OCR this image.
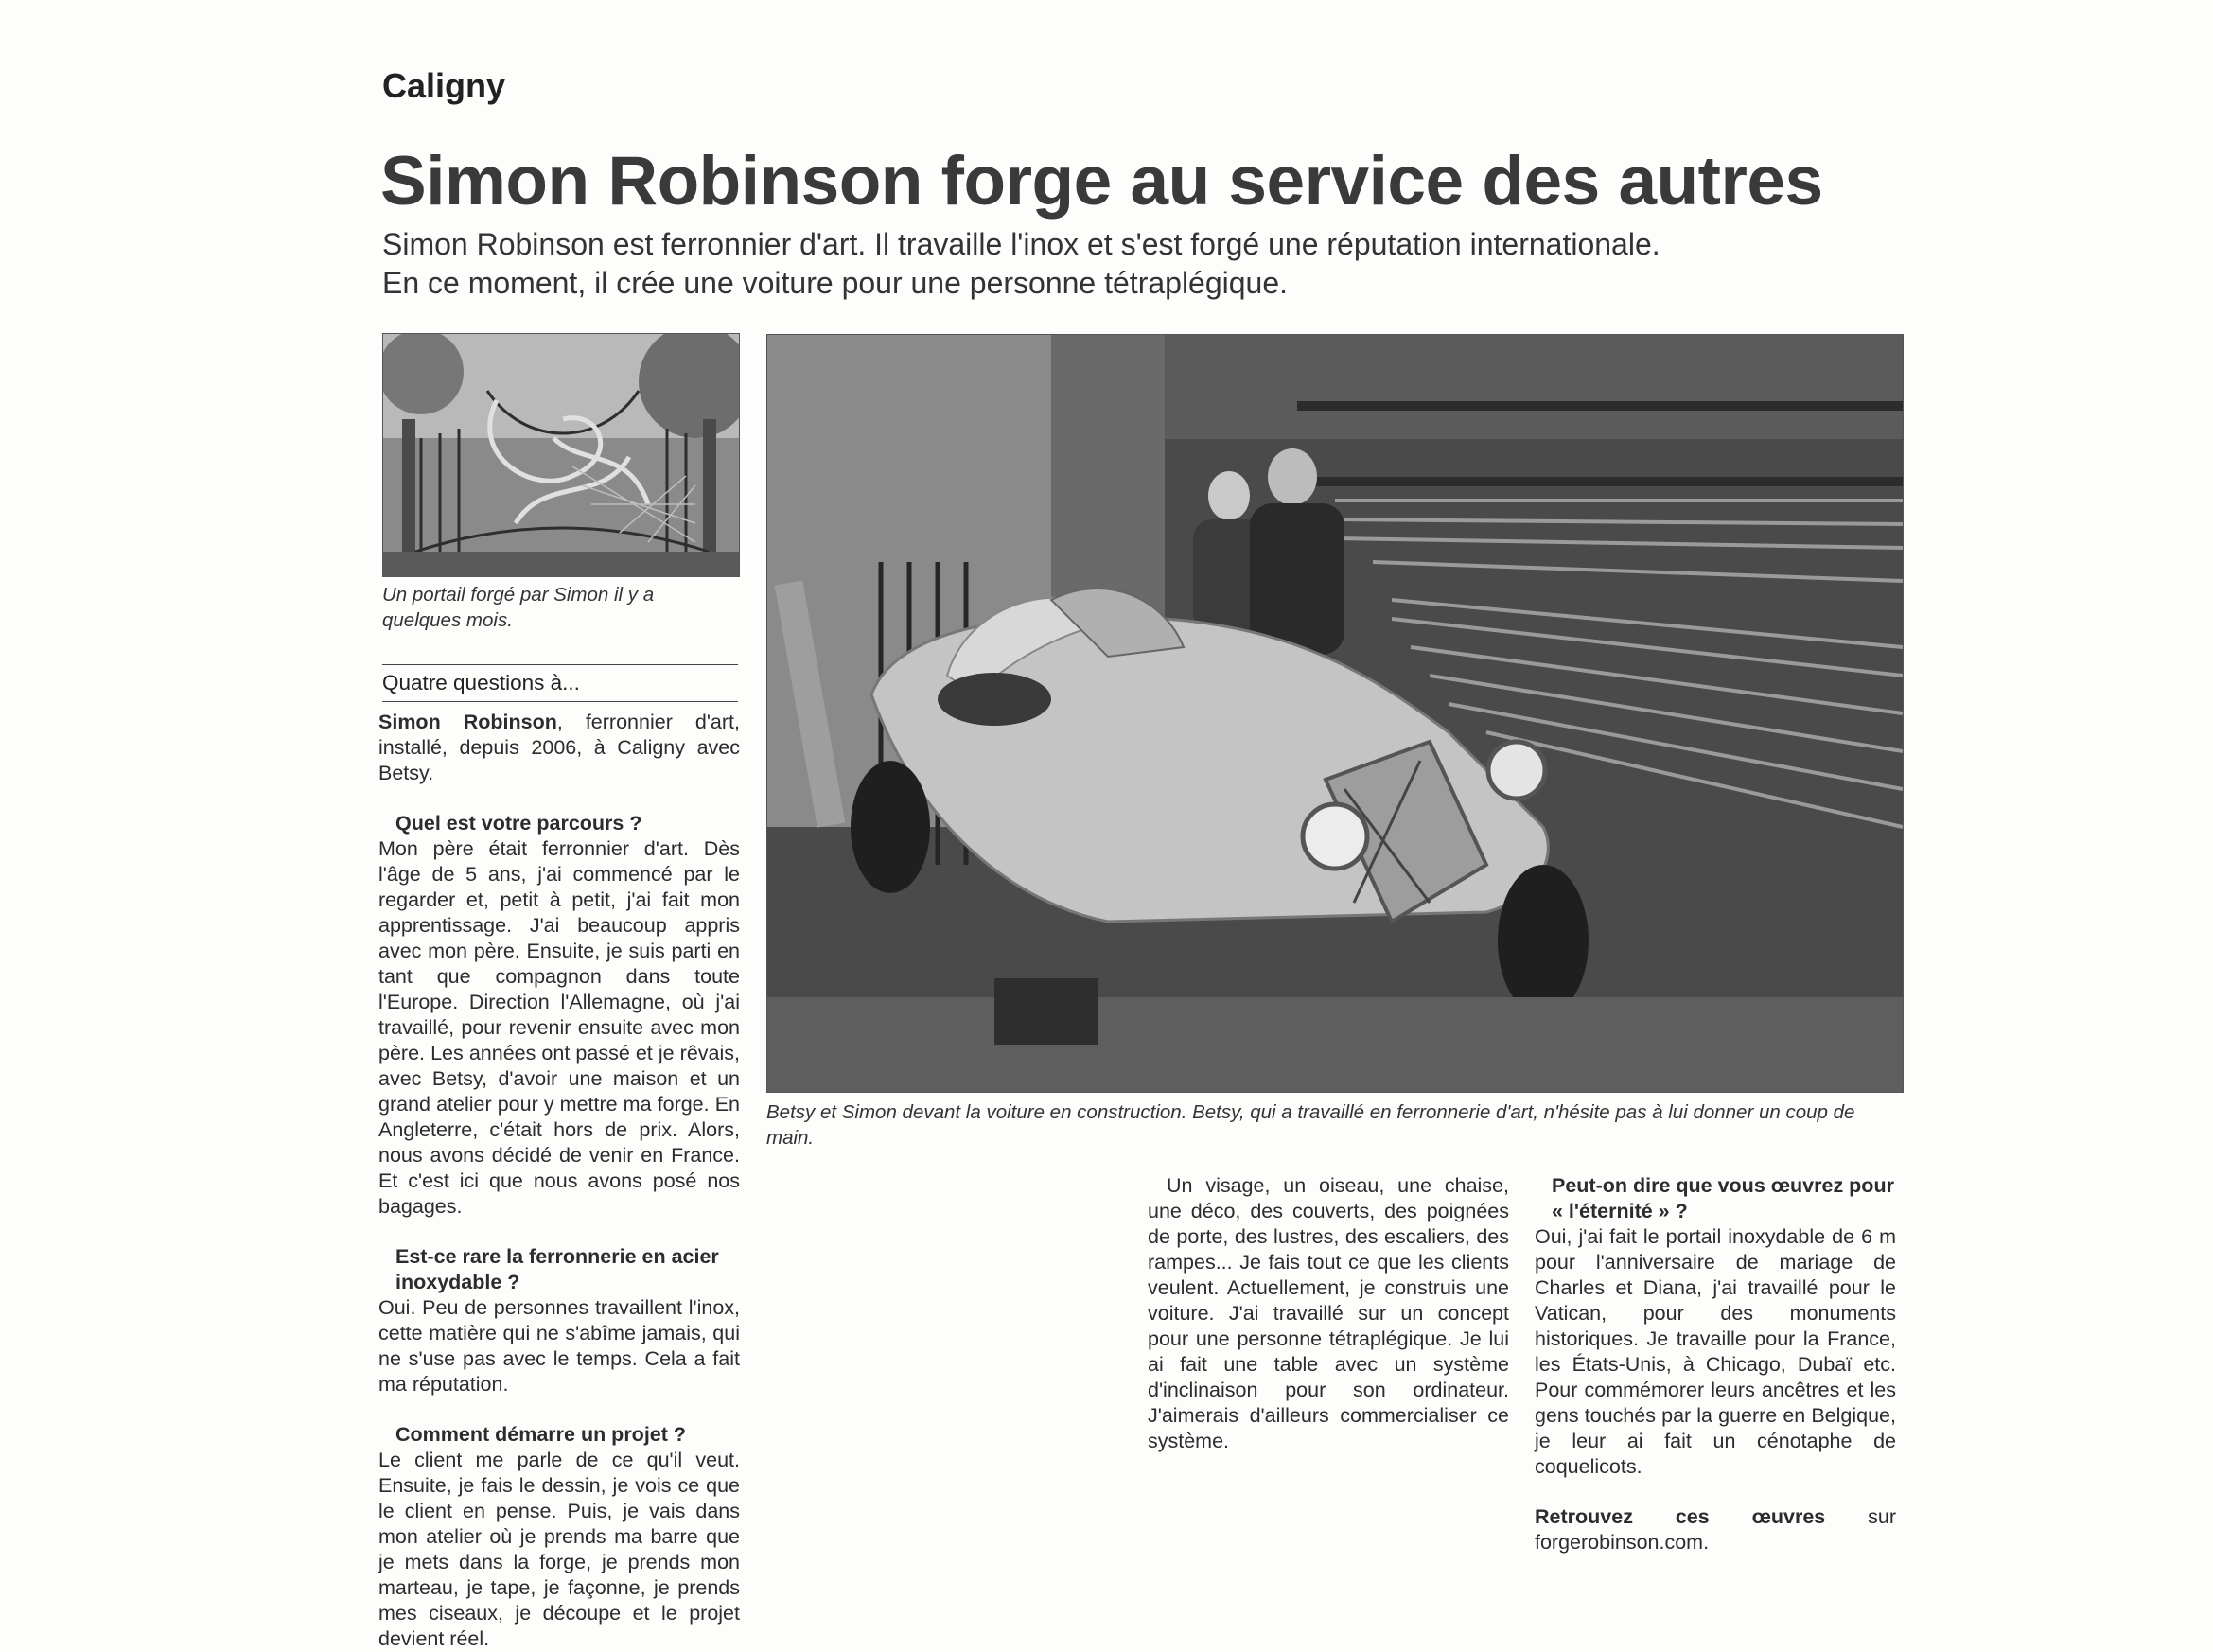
Caligny
Simon Robinson forge au service des autres
Simon Robinson est ferronnier d'art. Il travaille l'inox et s'est forgé une réputation internationale.
En ce moment, il crée une voiture pour une personne tétraplégique.
Un portail forgé par Simon il y a quelques mois.
Betsy et Simon devant la voiture en construction. Betsy, qui a travaillé en ferronnerie d'art, n'hésite pas à lui donner un coup de main.
Quatre questions à...

Simon Robinson, ferronnier d'art, installé, depuis 2006, à Caligny avec Betsy.

Quel est votre parcours ?

Mon père était ferronnier d'art. Dès l'âge de 5 ans, j'ai commencé par le regarder et, petit à petit, j'ai fait mon apprentissage. J'ai beaucoup appris avec mon père. Ensuite, je suis parti en tant que compagnon dans toute l'Europe. Direction l'Allemagne, où j'ai travaillé, pour revenir ensuite avec mon père. Les années ont passé et je rêvais, avec Betsy, d'avoir une maison et un grand atelier pour y mettre ma forge. En Angleterre, c'était hors de prix. Alors, nous avons décidé de venir en France. Et c'est ici que nous avons posé nos bagages.

Est-ce rare la ferronnerie en acier inoxydable ?

Oui. Peu de personnes travaillent l'inox, cette matière qui ne s'abîme jamais, qui ne s'use pas avec le temps. Cela a fait ma réputation.

Comment démarre un projet ?

Le client me parle de ce qu'il veut. Ensuite, je fais le dessin, je vois ce que le client en pense. Puis, je vais dans mon atelier où je prends ma barre que je mets dans la forge, je prends mon marteau, je tape, je façonne, je prends mes ciseaux, je découpe et le projet devient réel.

Un visage, un oiseau, une chaise, une déco, des couverts, des poignées de porte, des lustres, des escaliers, des rampes... Je fais tout ce que les clients veulent. Actuellement, je construis une voiture. J'ai travaillé sur un concept pour une personne tétraplégique. Je lui ai fait une table avec un système d'inclinaison pour son ordinateur. J'aimerais d'ailleurs commercialiser ce système.

Peut-on dire que vous œuvrez pour « l'éternité » ?

Oui, j'ai fait le portail inoxydable de 6 m pour l'anniversaire de mariage de Charles et Diana, j'ai travaillé pour le Vatican, pour des monuments historiques. Je travaille pour la France, les États-Unis, à Chicago, Dubaï etc. Pour commémorer leurs ancêtres et les gens touchés par la guerre en Belgique, je leur ai fait un cénotaphe de coquelicots.

Retrouvez ces œuvres sur forgerobinson.com.
